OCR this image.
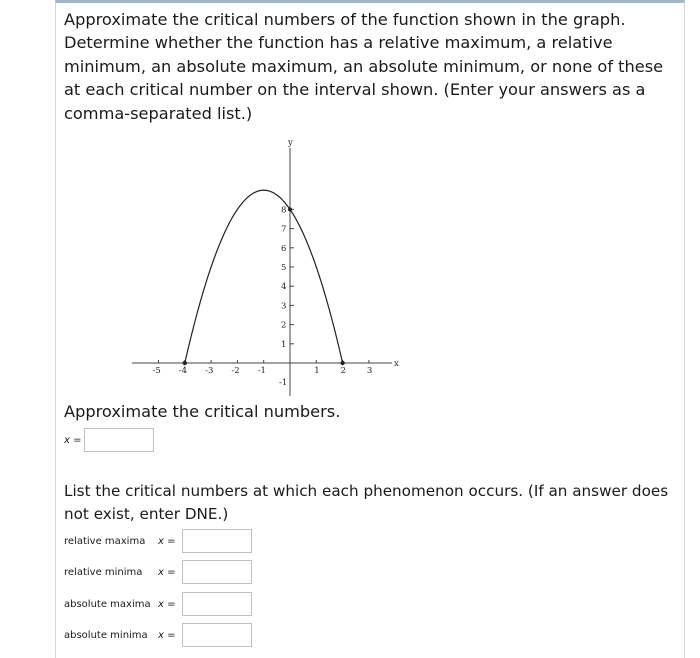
Approximate the critical numbers of the function shown in the graph. Determine whether the function has a relative maximum, a relative minimum, an absolute maximum, an absolute minimum, or none of these at each critical number on the interval shown. (Enter your answers as a comma-separated list.)

-5 -4 -3 -2 -1	1 2 3
1
2
3
4
5
6
7
8
-1
y
x

Approximate the critical numbers.

x =

List the critical numbers at which each phenomenon occurs. (If an answer does not exist, enter DNE.)

relative maxima	x =
relative minima	x =
absolute maxima x =
absolute minima	x =
